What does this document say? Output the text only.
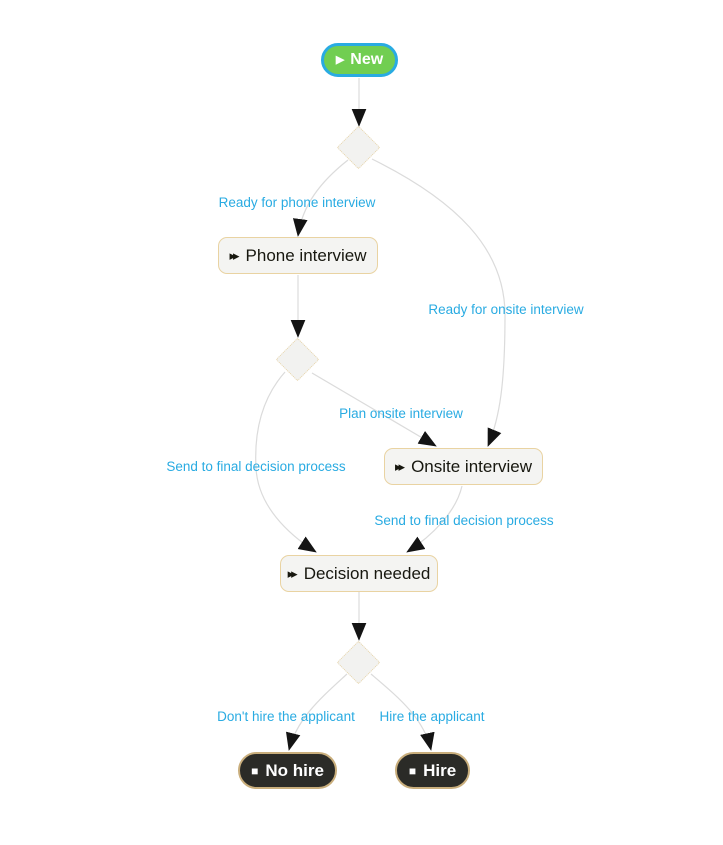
▶ New
▸▸ Phone interview
▸▸ Onsite interview
▸▸ Decision needed
■ No hire	■ Hire
Ready for phone interview
Ready for onsite interview
Plan onsite interview
Send to final decision process
Send to final decision process
Don't hire the applicant Hire the applicant
